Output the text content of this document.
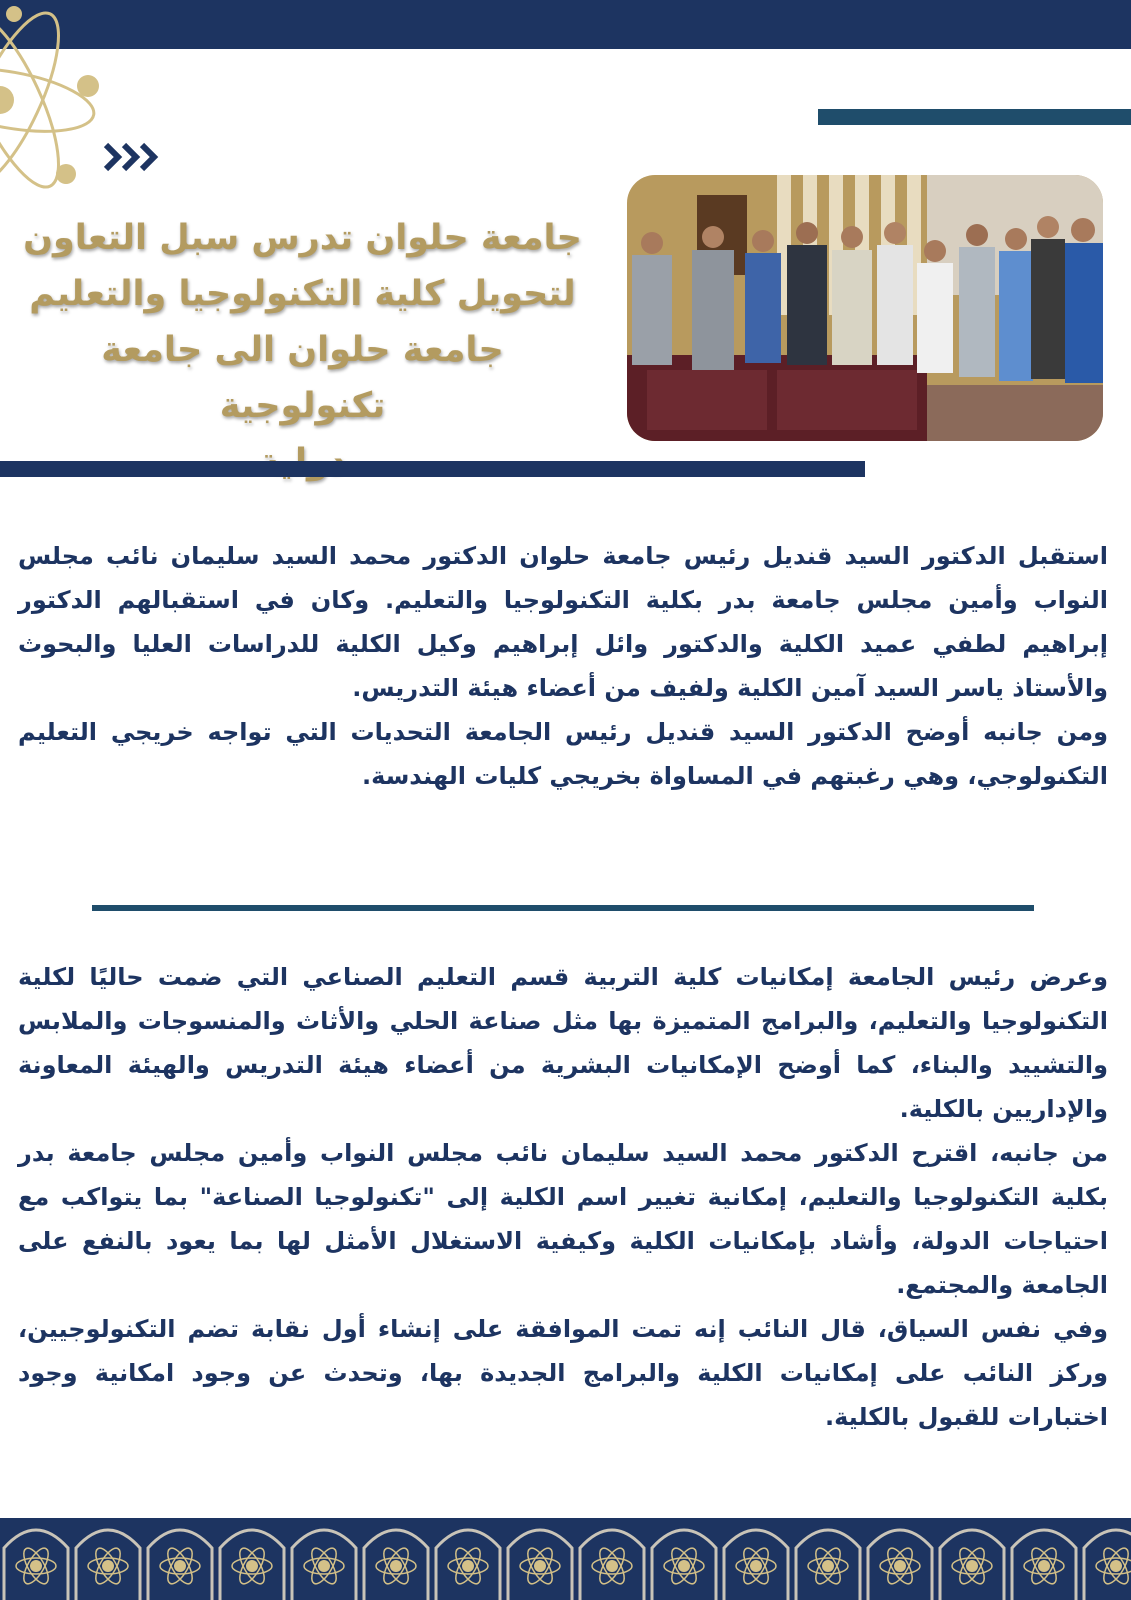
جامعة حلوان تدرس سبل التعاون
لتحويل كلية التكنولوجيا والتعليم
جامعة حلوان الى جامعة تكنولوجية

استقبل الدكتور السيد قنديل رئيس جامعة حلوان الدكتور محمد السيد سليمان نائب مجلس النواب وأمين مجلس جامعة بدر بكلية التكنولوجيا والتعليم. وكان في استقبالهم الدكتور إبراهيم لطفي عميد الكلية والدكتور وائل إبراهيم وكيل الكلية للدراسات العليا والبحوث والأستاذ ياسر السيد آمين الكلية ولفيف من أعضاء هيئة التدريس.

ومن جانبه أوضح الدكتور السيد قنديل رئيس الجامعة التحديات التي تواجه خريجي التعليم التكنولوجي، وهي رغبتهم في المساواة بخريجي كليات الهندسة.

وعرض رئيس الجامعة إمكانيات كلية التربية قسم التعليم الصناعي التي ضمت حاليًا لكلية التكنولوجيا والتعليم، والبرامج المتميزة بها مثل صناعة الحلي والأثاث والمنسوجات والملابس والتشييد والبناء، كما أوضح الإمكانيات البشرية من أعضاء هيئة التدريس والهيئة المعاونة والإداريين بالكلية.

من جانبه، اقترح الدكتور محمد السيد سليمان نائب مجلس النواب وأمين مجلس جامعة بدر بكلية التكنولوجيا والتعليم، إمكانية تغيير اسم الكلية إلى "تكنولوجيا الصناعة" بما يتواكب مع احتياجات الدولة، وأشاد بإمكانيات الكلية وكيفية الاستغلال الأمثل لها بما يعود بالنفع على الجامعة والمجتمع.

وفي نفس السياق، قال النائب إنه تمت الموافقة على إنشاء أول نقابة تضم التكنولوجيين، وركز النائب على إمكانيات الكلية والبرامج الجديدة بها، وتحدث عن وجود امكانية وجود اختبارات للقبول بالكلية.
